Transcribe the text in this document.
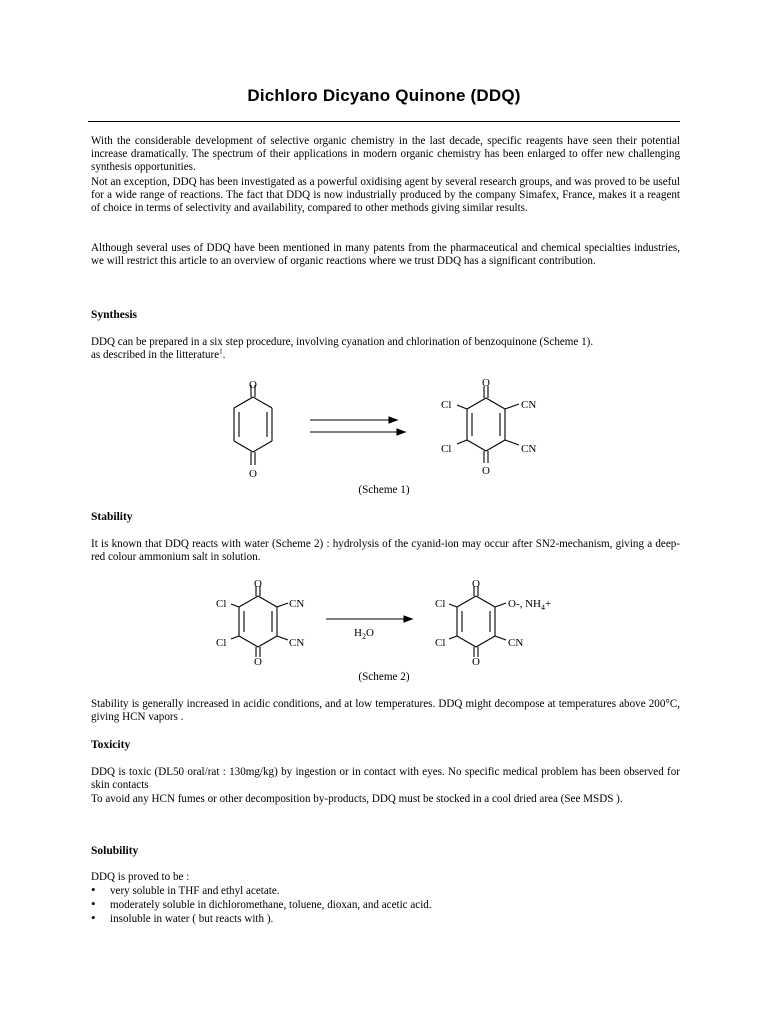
Dichloro Dicyano Quinone (DDQ)
With the considerable development of selective organic chemistry in the last decade, specific reagents have seen their potential increase dramatically. The spectrum of their applications in modern organic chemistry has been enlarged to offer new challenging synthesis opportunities.
Not an exception, DDQ has been investigated as a powerful oxidising agent by several research groups, and was proved to be useful for a wide range of reactions. The fact that DDQ is now industrially produced by the company Simafex, France, makes it a reagent of choice in terms of selectivity and availability, compared to other methods giving similar results.
Although several uses of DDQ have been mentioned in many patents from the pharmaceutical and chemical specialties industries, we will restrict this article to an overview of organic reactions where we trust DDQ has a significant contribution.
Synthesis
DDQ can be prepared in a six step procedure, involving cyanation and chlorination of benzoquinone (Scheme 1).
as described in the litterature$^1$.
O
O
O
O
CN
CN
Cl
Cl
(Scheme 1)
Stability
It is known that DDQ reacts with water (Scheme 2) : hydrolysis of the cyanid-ion may occur after SN2-mechanism, giving a deep-red colour ammonium salt in solution.
O
O
CN
CN
Cl
Cl
$H_2O$
O
O
O-, $NH_4+$
CN
Cl
Cl
(Scheme 2)
Stability is generally increased in acidic conditions, and at low temperatures. DDQ might decompose at temperatures above 200°C, giving HCN vapors .
Toxicity
DDQ is toxic (DL50 oral/rat : 130mg/kg) by ingestion or in contact with eyes. No specific medical problem has been observed for skin contacts
To avoid any HCN fumes or other decomposition by-products, DDQ must be stocked in a cool dried area (See MSDS ).
Solubility
DDQ is proved to be :
• very soluble in THF and ethyl acetate.
• moderately soluble in dichloromethane, toluene, dioxan, and acetic acid.
• insoluble in water ( but reacts with ).
